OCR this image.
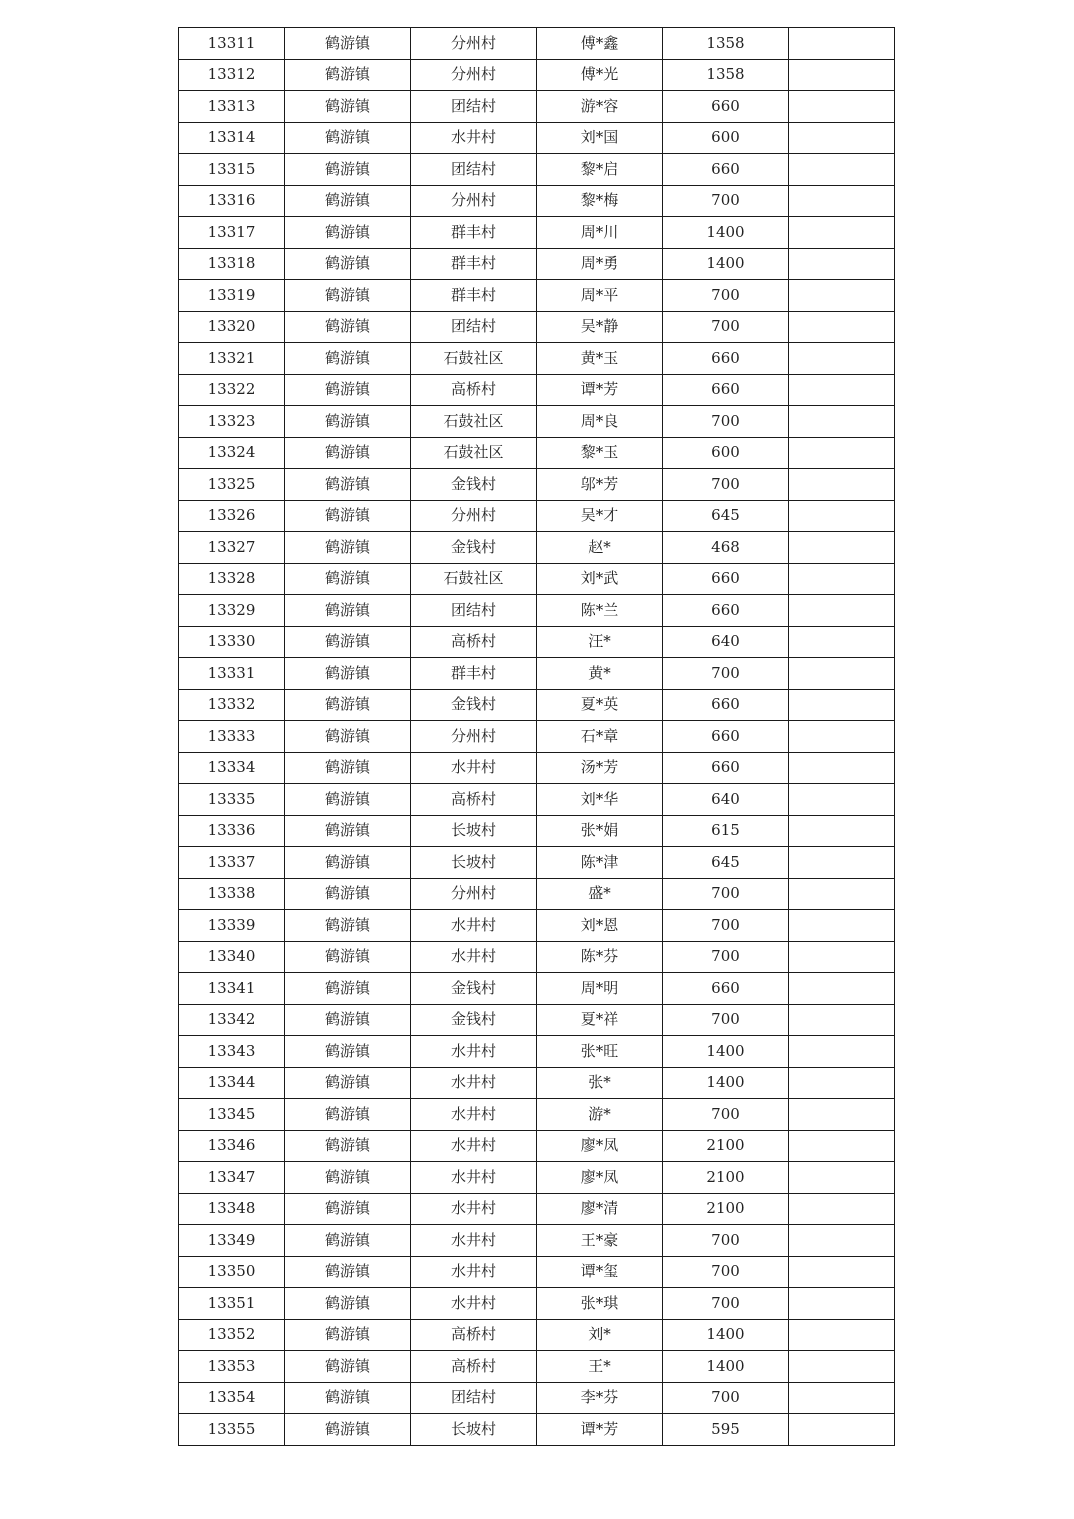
13311	鹤游镇	分州村	傅*鑫	1358	
13312	鹤游镇	分州村	傅*光	1358	
13313	鹤游镇	团结村	游*容	660	
13314	鹤游镇	水井村	刘*国	600	
13315	鹤游镇	团结村	黎*启	660	
13316	鹤游镇	分州村	黎*梅	700	
13317	鹤游镇	群丰村	周*川	1400	
13318	鹤游镇	群丰村	周*勇	1400	
13319	鹤游镇	群丰村	周*平	700	
13320	鹤游镇	团结村	吴*静	700	
13321	鹤游镇	石鼓社区	黄*玉	660	
13322	鹤游镇	高桥村	谭*芳	660	
13323	鹤游镇	石鼓社区	周*良	700	
13324	鹤游镇	石鼓社区	黎*玉	600	
13325	鹤游镇	金钱村	邬*芳	700	
13326	鹤游镇	分州村	吴*才	645	
13327	鹤游镇	金钱村	赵*	468	
13328	鹤游镇	石鼓社区	刘*武	660	
13329	鹤游镇	团结村	陈*兰	660	
13330	鹤游镇	高桥村	汪*	640	
13331	鹤游镇	群丰村	黄*	700	
13332	鹤游镇	金钱村	夏*英	660	
13333	鹤游镇	分州村	石*章	660	
13334	鹤游镇	水井村	汤*芳	660	
13335	鹤游镇	高桥村	刘*华	640	
13336	鹤游镇	长坡村	张*娟	615	
13337	鹤游镇	长坡村	陈*津	645	
13338	鹤游镇	分州村	盛*	700	
13339	鹤游镇	水井村	刘*恩	700	
13340	鹤游镇	水井村	陈*芬	700	
13341	鹤游镇	金钱村	周*明	660	
13342	鹤游镇	金钱村	夏*祥	700	
13343	鹤游镇	水井村	张*旺	1400	
13344	鹤游镇	水井村	张*	1400	
13345	鹤游镇	水井村	游*	700	
13346	鹤游镇	水井村	廖*凤	2100	
13347	鹤游镇	水井村	廖*凤	2100	
13348	鹤游镇	水井村	廖*清	2100	
13349	鹤游镇	水井村	王*豪	700	
13350	鹤游镇	水井村	谭*玺	700	
13351	鹤游镇	水井村	张*琪	700	
13352	鹤游镇	高桥村	刘*	1400	
13353	鹤游镇	高桥村	王*	1400	
13354	鹤游镇	团结村	李*芬	700	
13355	鹤游镇	长坡村	谭*芳	595	
